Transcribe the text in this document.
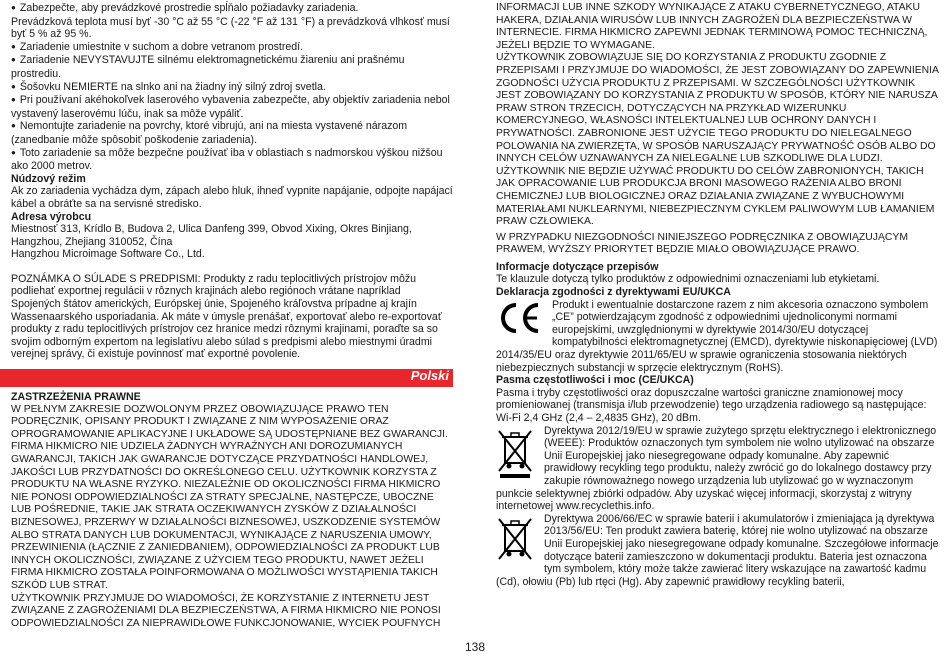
● Zabezpečte, aby prevádzkové prostredie spĺňalo požiadavky zariadenia.

Prevádzková teplota musí byť -30 °C až 55 °C (-22 °F až 131 °F) a prevádzková vlhkosť musí byť 5 % až 95 %.

● Zariadenie umiestnite v suchom a dobre vetranom prostredí.

● Zariadenie NEVYSTAVUJTE silnému elektromagnetickému žiareniu ani prašnému prostrediu.

● Šošovku NEMIERTE na slnko ani na žiadny iný silný zdroj svetla.

● Pri používaní akéhokoľvek laserového vybavenia zabezpečte, aby objektív zariadenia nebol vystavený laserovému lúču, inak sa môže vypáliť.

● Nemontujte zariadenie na povrchy, ktoré vibrujú, ani na miesta vystavené nárazom (zanedbanie môže spôsobiť poškodenie zariadenia).

● Toto zariadenie sa môže bezpečne používať iba v oblastiach s nadmorskou výškou nižšou ako 2000 metrov.

Núdzový režim

Ak zo zariadenia vychádza dym, zápach alebo hluk, ihneď vypnite napájanie, odpojte napájací kábel a obráťte sa na servisné stredisko.

Adresa výrobcu

Miestnosť 313, Krídlo B, Budova 2, Ulica Danfeng 399, Obvod Xixing, Okres Binjiang, Hangzhou, Zhejiang 310052, Čína

Hangzhou Microimage Software Co., Ltd.

POZNÁMKA O SÚLADE S PREDPISMI: Produkty z radu teplocitlivých prístrojov môžu podliehať exportnej regulácii v rôznych krajinách alebo regiónoch vrátane napríklad Spojených štátov amerických, Európskej únie, Spojeného kráľovstva prípadne aj krajín Wassenaarského usporiadania. Ak máte v úmysle prenášať, exportovať alebo re-exportovať produkty z radu teplocitlivých prístrojov cez hranice medzi rôznymi krajinami, poraďte sa so svojim odborným expertom na legislatívu alebo súlad s predpismi alebo miestnymi úradmi verejnej správy, či existuje povinnosť mať exportné povolenie.

Polski

ZASTRZEŻENIA PRAWNE

W PEŁNYM ZAKRESIE DOZWOLONYM PRZEZ OBOWIĄZUJĄCE PRAWO TEN PODRĘCZNIK, OPISANY PRODUKT I ZWIĄZANE Z NIM WYPOSAŻENIE ORAZ OPROGRAMOWANIE APLIKACYJNE I UKŁADOWE SĄ UDOSTĘPNIANE BEZ GWARANCJI. FIRMA HIKMICRO NIE UDZIELA ŻADNYCH WYRAŹNYCH ANI DOROZUMIANYCH GWARANCJI, TAKICH JAK GWARANCJE DOTYCZĄCE PRZYDATNOŚCI HANDLOWEJ, JAKOŚCI LUB PRZYDATNOŚCI DO OKREŚLONEGO CELU. UŻYTKOWNIK KORZYSTA Z PRODUKTU NA WŁASNE RYZYKO. NIEZALEŻNIE OD OKOLICZNOŚCI FIRMA HIKMICRO NIE PONOSI ODPOWIEDZIALNOŚCI ZA STRATY SPECJALNE, NASTĘPCZE, UBOCZNE LUB POŚREDNIE, TAKIE JAK STRATA OCZEKIWANYCH ZYSKÓW Z DZIAŁALNOŚCI BIZNESOWEJ, PRZERWY W DZIAŁALNOŚCI BIZNESOWEJ, USZKODZENIE SYSTEMÓW ALBO STRATA DANYCH LUB DOKUMENTACJI, WYNIKAJĄCE Z NARUSZENIA UMOWY, PRZEWINIENIA (ŁĄCZNIE Z ZANIEDBANIEM), ODPOWIEDZIALNOŚCI ZA PRODUKT LUB INNYCH OKOLICZNOŚCI, ZWIĄZANE Z UŻYCIEM TEGO PRODUKTU, NAWET JEŻELI FIRMA HIKMICRO ZOSTAŁA POINFORMOWANA O MOŻLIWOŚCI WYSTĄPIENIA TAKICH SZKÓD LUB STRAT.

UŻYTKOWNIK PRZYJMUJE DO WIADOMOŚCI, ŻE KORZYSTANIE Z INTERNETU JEST ZWIĄZANE Z ZAGROŻENIAMI DLA BEZPIECZEŃSTWA, A FIRMA HIKMICRO NIE PONOSI ODPOWIEDZIALNOŚCI ZA NIEPRAWIDŁOWE FUNKCJONOWANIE, WYCIEK POUFNYCH

INFORMACJI LUB INNE SZKODY WYNIKAJĄCE Z ATAKU CYBERNETYCZNEGO, ATAKU HAKERA, DZIAŁANIA WIRUSÓW LUB INNYCH ZAGROŻEŃ DLA BEZPIECZEŃSTWA W INTERNECIE. FIRMA HIKMICRO ZAPEWNI JEDNAK TERMINOWĄ POMOC TECHNICZNĄ, JEŻELI BĘDZIE TO WYMAGANE.

UŻYTKOWNIK ZOBOWIĄZUJE SIĘ DO KORZYSTANIA Z PRODUKTU ZGODNIE Z PRZEPISAMI I PRZYJMUJE DO WIADOMOŚCI, ŻE JEST ZOBOWIĄZANY DO ZAPEWNIENIA ZGODNOŚCI UŻYCIA PRODUKTU Z PRZEPISAMI. W SZCZEGÓLNOŚCI UŻYTKOWNIK JEST ZOBOWIĄZANY DO KORZYSTANIA Z PRODUKTU W SPOSÓB, KTÓRY NIE NARUSZA PRAW STRON TRZECICH, DOTYCZĄCYCH NA PRZYKŁAD WIZERUNKU KOMERCYJNEGO, WŁASNOŚCI INTELEKTUALNEJ LUB OCHRONY DANYCH I PRYWATNOŚCI. ZABRONIONE JEST UŻYCIE TEGO PRODUKTU DO NIELEGALNEGO POLOWANIA NA ZWIERZĘTA, W SPOSÓB NARUSZAJĄCY PRYWATNOŚĆ OSÓB ALBO DO INNYCH CELÓW UZNAWANYCH ZA NIELEGALNE LUB SZKODLIWE DLA LUDZI. UŻYTKOWNIK NIE BĘDZIE UŻYWAĆ PRODUKTU DO CELÓW ZABRONIONYCH, TAKICH JAK OPRACOWANIE LUB PRODUKCJA BRONI MASOWEGO RAŻENIA ALBO BRONI CHEMICZNEJ LUB BIOLOGICZNEJ ORAZ DZIAŁANIA ZWIĄZANE Z WYBUCHOWYMI MATERIAŁAMI NUKLEARNYMI, NIEBEZPIECZNYM CYKLEM PALIWOWYM LUB ŁAMANIEM PRAW CZŁOWIEKA.

W PRZYPADKU NIEZGODNOŚCI NINIEJSZEGO PODRĘCZNIKA Z OBOWIĄZUJĄCYM PRAWEM, WYŻSZY PRIORYTET BĘDZIE MIAŁO OBOWIĄZUJĄCE PRAWO.

Informacje dotyczące przepisów

Te klauzule dotyczą tylko produktów z odpowiednimi oznaczeniami lub etykietami.

Deklaracja zgodności z dyrektywami EU/UKCA

Produkt i ewentualnie dostarczone razem z nim akcesoria oznaczono symbolem „CE” potwierdzającym zgodność z odpowiednimi ujednoliconymi normami europejskimi, uwzględnionymi w dyrektywie 2014/30/EU dotyczącej kompatybilności elektromagnetycznej (EMCD), dyrektywie niskonapięciowej (LVD) 2014/35/EU oraz dyrektywie 2011/65/EU w sprawie ograniczenia stosowania niektórych niebezpiecznych substancji w sprzęcie elektrycznym (RoHS).

Pasma częstotliwości i moc (CE/UKCA)

Pasma i tryby częstotliwości oraz dopuszczalne wartości graniczne znamionowej mocy promieniowanej (transmisja i/lub przewodzenie) tego urządzenia radiowego są następujące: Wi-Fi 2,4 GHz (2,4 – 2,4835 GHz), 20 dBm.

Dyrektywa 2012/19/EU w sprawie zużytego sprzętu elektrycznego i elektronicznego (WEEE): Produktów oznaczonych tym symbolem nie wolno utylizować na obszarze Unii Europejskiej jako niesegregowane odpady komunalne. Aby zapewnić prawidłowy recykling tego produktu, należy zwrócić go do lokalnego dostawcy przy zakupie równoważnego nowego urządzenia lub utylizować go w wyznaczonym punkcie selektywnej zbiórki odpadów. Aby uzyskać więcej informacji, skorzystaj z witryny internetowej www.recyclethis.info.

Dyrektywa 2006/66/EC w sprawie baterii i akumulatorów i zmieniająca ją dyrektywa 2013/56/EU: Ten produkt zawiera baterię, której nie wolno utylizować na obszarze Unii Europejskiej jako niesegregowane odpady komunalne. Szczegółowe informacje dotyczące baterii zamieszczono w dokumentacji produktu. Bateria jest oznaczona tym symbolem, który może także zawierać litery wskazujące na zawartość kadmu (Cd), ołowiu (Pb) lub rtęci (Hg). Aby zapewnić prawidłowy recykling baterii,

138
